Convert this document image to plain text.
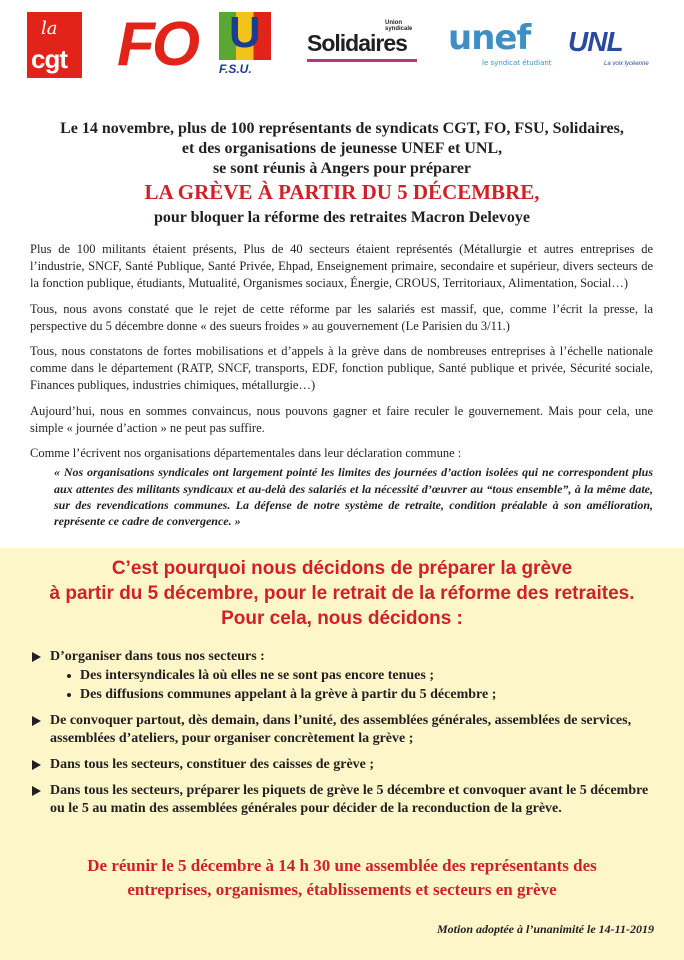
la
cgt FO U
F.S.U.
Union syndicale
Solidaires unef
le syndicat étudiant
UNL
La voix lycéenne
Le 14 novembre, plus de 100 représentants de syndicats CGT, FO, FSU, Solidaires,
et des organisations de jeunesse UNEF et UNL,
se sont réunis à Angers pour préparer
LA GRÈVE À PARTIR DU 5 DÉCEMBRE,
pour bloquer la réforme des retraites Macron Delevoye

Plus de 100 militants étaient présents, Plus de 40 secteurs étaient représentés (Métallurgie et autres entreprises de l’industrie, SNCF, Santé Publique, Santé Privée, Ehpad, Enseignement primaire, secondaire et supérieur, divers secteurs de la fonction publique, étudiants, Mutualité, Organismes sociaux, Énergie, CROUS, Territoriaux, Alimentation, Social…)

Tous, nous avons constaté que le rejet de cette réforme par les salariés est massif, que, comme l’écrit la presse, la perspective du 5 décembre donne « des sueurs froides » au gouvernement (Le Parisien du 3/11.)

Tous, nous constatons de fortes mobilisations et d’appels à la grève dans de nombreuses entreprises à l’échelle nationale comme dans le département (RATP, SNCF, transports, EDF, fonction publique, Santé publique et privée, Sécurité sociale, Finances publiques, industries chimiques, métallurgie…)

Aujourd’hui, nous en sommes convaincus, nous pouvons gagner et faire reculer le gouvernement. Mais pour cela, une simple « journée d’action » ne peut pas suffire.

Comme l’écrivent nos organisations départementales dans leur déclaration commune :

« Nos organisations syndicales ont largement pointé les limites des journées d’action isolées qui ne correspondent plus aux attentes des militants syndicaux et au-delà des salariés et la nécessité d’œuvrer au “tous ensemble”, à la même date, sur des revendications communes. La défense de notre système de retraite, condition préalable à son amélioration, représente ce cadre de convergence. »
C’est pourquoi nous décidons de préparer la grève
à partir du 5 décembre, pour le retrait de la réforme des retraites.
Pour cela, nous décidons :
D’organiser dans tous nos secteurs :
Des intersyndicales là où elles ne se sont pas encore tenues ;
Des diffusions communes appelant à la grève à partir du 5 décembre ;
De convoquer partout, dès demain, dans l’unité, des assemblées générales, assemblées de services, assemblées d’ateliers, pour organiser concrètement la grève ;
Dans tous les secteurs, constituer des caisses de grève ;
Dans tous les secteurs, préparer les piquets de grève le 5 décembre et convoquer avant le 5 décembre ou le 5 au matin des assemblées générales pour décider de la reconduction de la grève.
De réunir le 5 décembre à 14 h 30 une assemblée des représentants des
entreprises, organismes, établissements et secteurs en grève
Motion adoptée à l’unanimité le 14-11-2019
